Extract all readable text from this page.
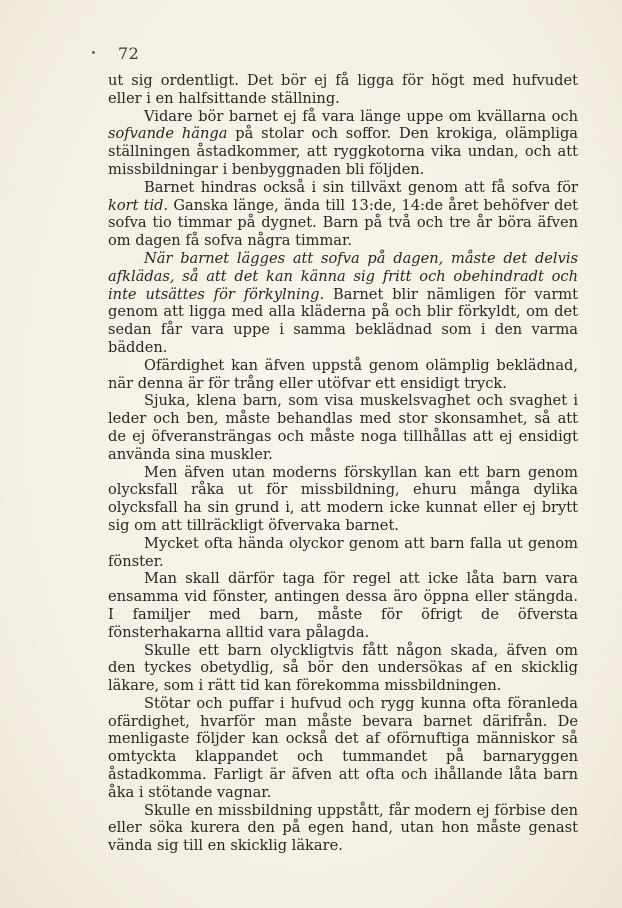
72

ut sig ordentligt. Det bör ej få ligga för högt med hufvudet eller i en halfsittande ställning.

Vidare bör barnet ej få vara länge uppe om kvällarna och sofvande hänga på stolar och soffor. Den krokiga, olämpliga ställningen åstadkommer, att ryggkotorna vika undan, och att missbildningar i benbyggnaden bli följden.

Barnet hindras också i sin tillväxt genom att få sofva för kort tid. Ganska länge, ända till 13:de, 14:de året behöfver det sofva tio timmar på dygnet. Barn på två och tre år böra äfven om dagen få sofva några timmar.

När barnet lägges att sofva på dagen, måste det delvis afklädas, så att det kan känna sig fritt och obehindradt och inte utsättes för förkylning. Barnet blir nämligen för varmt genom att ligga med alla kläderna på och blir förkyldt, om det sedan får vara uppe i samma beklädnad som i den varma bädden.

Ofärdighet kan äfven uppstå genom olämplig beklädnad, när denna är för trång eller utöfvar ett ensidigt tryck.

Sjuka, klena barn, som visa muskelsvaghet och svaghet i leder och ben, måste behandlas med stor skonsamhet, så att de ej öfveransträngas och måste noga tillhållas att ej ensidigt använda sina muskler.

Men äfven utan moderns förskyllan kan ett barn genom olycksfall råka ut för missbildning, ehuru många dylika olycksfall ha sin grund i, att modern icke kunnat eller ej brytt sig om att tillräckligt öfvervaka barnet.

Mycket ofta hända olyckor genom att barn falla ut genom fönster.

Man skall därför taga för regel att icke låta barn vara ensamma vid fönster, antingen dessa äro öppna eller stängda. I familjer med barn, måste för öfrigt de öfversta fönsterhakarna alltid vara pålagda.

Skulle ett barn olyckligtvis fått någon skada, äfven om den tyckes obetydlig, så bör den undersökas af en skicklig läkare, som i rätt tid kan förekomma missbildningen.

Stötar och puffar i hufvud och rygg kunna ofta föranleda ofärdighet, hvarför man måste bevara barnet därifrån. De menligaste följder kan också det af oförnuftiga människor så omtyckta klappandet och tummandet på barnaryggen åstadkomma. Farligt är äfven att ofta och ihållande låta barn åka i stötande vagnar.

Skulle en missbildning uppstått, får modern ej förbise den eller söka kurera den på egen hand, utan hon måste genast vända sig till en skicklig läkare.
